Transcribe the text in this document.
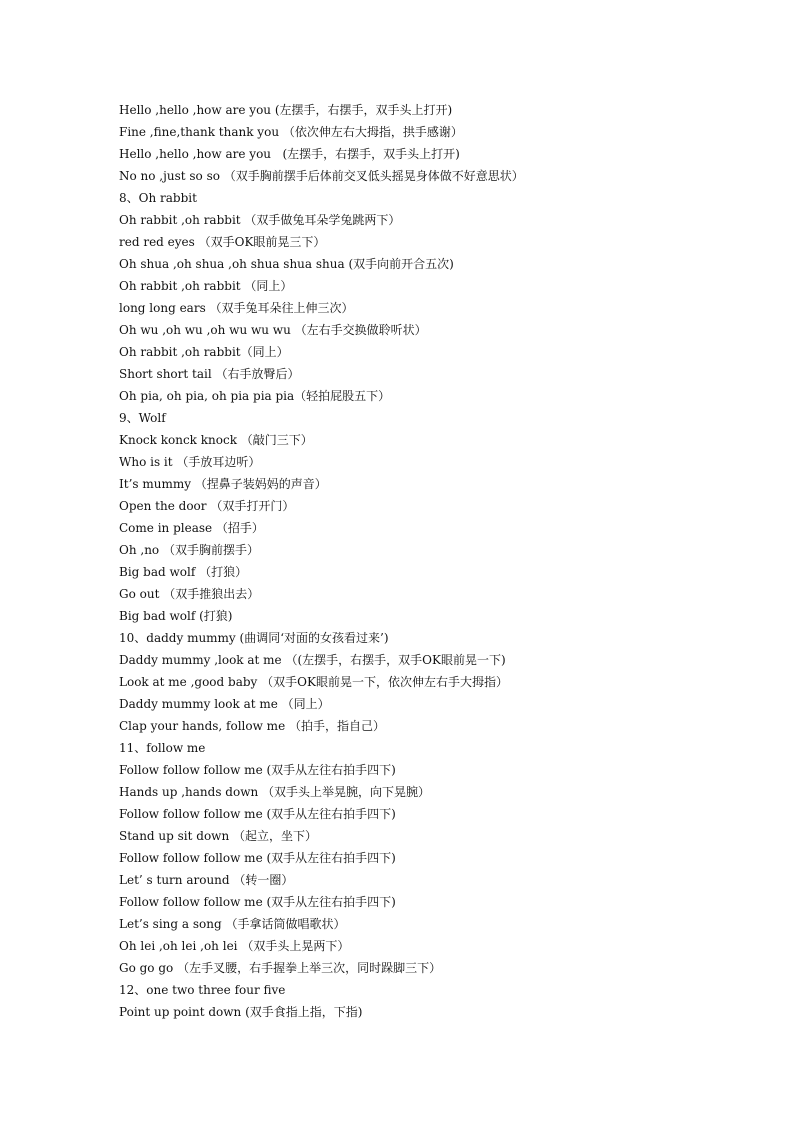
Hello ,hello ,how are you (左摆手，右摆手，双手头上打开)
Fine ,fine,thank thank you （依次伸左右大拇指，拱手感谢）
Hello ,hello ,how are you   (左摆手，右摆手，双手头上打开)
No no ,just so so （双手胸前摆手后体前交叉低头摇晃身体做不好意思状）
8、Oh rabbit
Oh rabbit ,oh rabbit （双手做兔耳朵学兔跳两下）
red red eyes （双手OK眼前晃三下）
Oh shua ,oh shua ,oh shua shua shua (双手向前开合五次)
Oh rabbit ,oh rabbit （同上）
long long ears （双手兔耳朵往上伸三次）
Oh wu ,oh wu ,oh wu wu wu （左右手交换做聆听状）
Oh rabbit ,oh rabbit（同上）
Short short tail （右手放臀后）
Oh pia, oh pia, oh pia pia pia（轻拍屁股五下）
9、Wolf
Knock konck knock （敲门三下）
Who is it （手放耳边听）
It’s mummy （捏鼻子装妈妈的声音）
Open the door （双手打开门）
Come in please （招手）
Oh ,no （双手胸前摆手）
Big bad wolf （打狼）
Go out （双手推狼出去）
Big bad wolf (打狼)
10、daddy mummy (曲调同‘对面的女孩看过来’)
Daddy mummy ,look at me （(左摆手，右摆手，双手OK眼前晃一下)
Look at me ,good baby （双手OK眼前晃一下，依次伸左右手大拇指）
Daddy mummy look at me （同上）
Clap your hands, follow me （拍手，指自己）
11、follow me
Follow follow follow me (双手从左往右拍手四下)
Hands up ,hands down （双手头上举晃腕，向下晃腕）
Follow follow follow me (双手从左往右拍手四下)
Stand up sit down （起立，坐下）
Follow follow follow me (双手从左往右拍手四下)
Let’ s turn around （转一圈）
Follow follow follow me (双手从左往右拍手四下)
Let’s sing a song （手拿话筒做唱歌状）
Oh lei ,oh lei ,oh lei （双手头上晃两下）
Go go go （左手叉腰，右手握拳上举三次，同时跺脚三下）
12、one two three four five
Point up point down (双手食指上指，下指)
